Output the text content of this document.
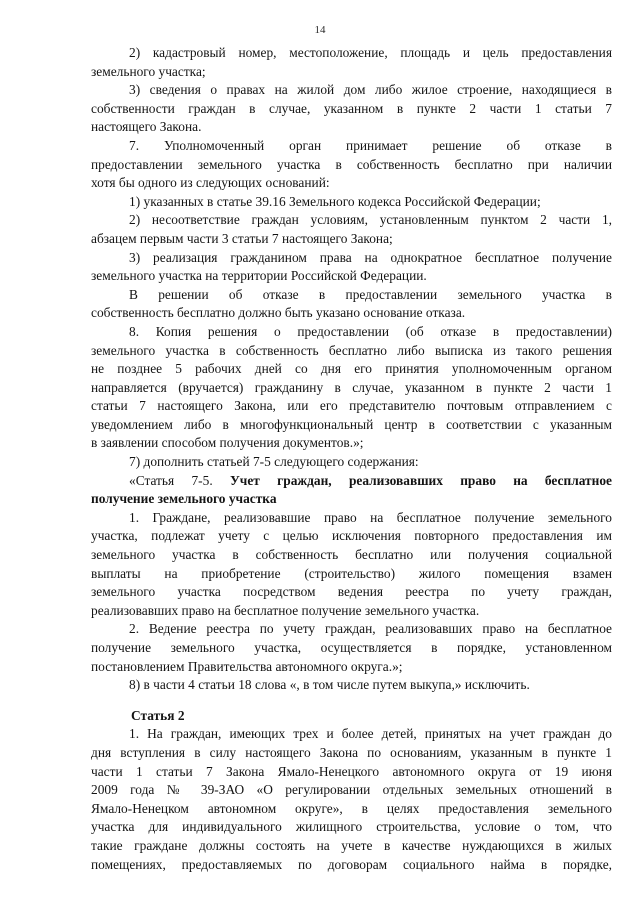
14
2) кадастровый номер, местоположение, площадь и цель предоставления
земельного участка;
3) сведения о правах на жилой дом либо жилое строение, находящиеся в
собственности граждан в случае, указанном в пункте 2 части 1 статьи 7
настоящего Закона.
7. Уполномоченный орган принимает решение об отказе в
предоставлении земельного участка в собственность бесплатно при наличии
хотя бы одного из следующих оснований:
1) указанных в статье 39.16 Земельного кодекса Российской Федерации;
2) несоответствие граждан условиям, установленным пунктом 2 части 1,
абзацем первым части 3 статьи 7 настоящего Закона;
3) реализация гражданином права на однократное бесплатное получение
земельного участка на территории Российской Федерации.
В решении об отказе в предоставлении земельного участка в
собственность бесплатно должно быть указано основание отказа.
8. Копия решения о предоставлении (об отказе в предоставлении)
земельного участка в собственность бесплатно либо выписка из такого решения
не позднее 5 рабочих дней со дня его принятия уполномоченным органом
направляется (вручается) гражданину в случае, указанном в пункте 2 части 1
статьи 7 настоящего Закона, или его представителю почтовым отправлением с
уведомлением либо в многофункциональный центр в соответствии с указанным
в заявлении способом получения документов.»;
7) дополнить статьей 7-5 следующего содержания:
«Статья 7-5. Учет граждан, реализовавших право на бесплатное
получение земельного участка
1. Граждане, реализовавшие право на бесплатное получение земельного
участка, подлежат учету с целью исключения повторного предоставления им
земельного участка в собственность бесплатно или получения социальной
выплаты на приобретение (строительство) жилого помещения взамен
земельного участка посредством ведения реестра по учету граждан,
реализовавших право на бесплатное получение земельного участка.
2. Ведение реестра по учету граждан, реализовавших право на бесплатное
получение земельного участка, осуществляется в порядке, установленном
постановлением Правительства автономного округа.»;
8) в части 4 статьи 18 слова «, в том числе путем выкупа,» исключить.
Статья 2
1. На граждан, имеющих трех и более детей, принятых на учет граждан до
дня вступления в силу настоящего Закона по основаниям, указанным в пункте 1
части 1 статьи 7 Закона Ямало-Ненецкого автономного округа от 19 июня
2009 года № 39-ЗАО «О регулировании отдельных земельных отношений в
Ямало-Ненецком автономном округе», в целях предоставления земельного
участка для индивидуального жилищного строительства, условие о том, что
такие граждане должны состоять на учете в качестве нуждающихся в жилых
помещениях, предоставляемых по договорам социального найма в порядке,
